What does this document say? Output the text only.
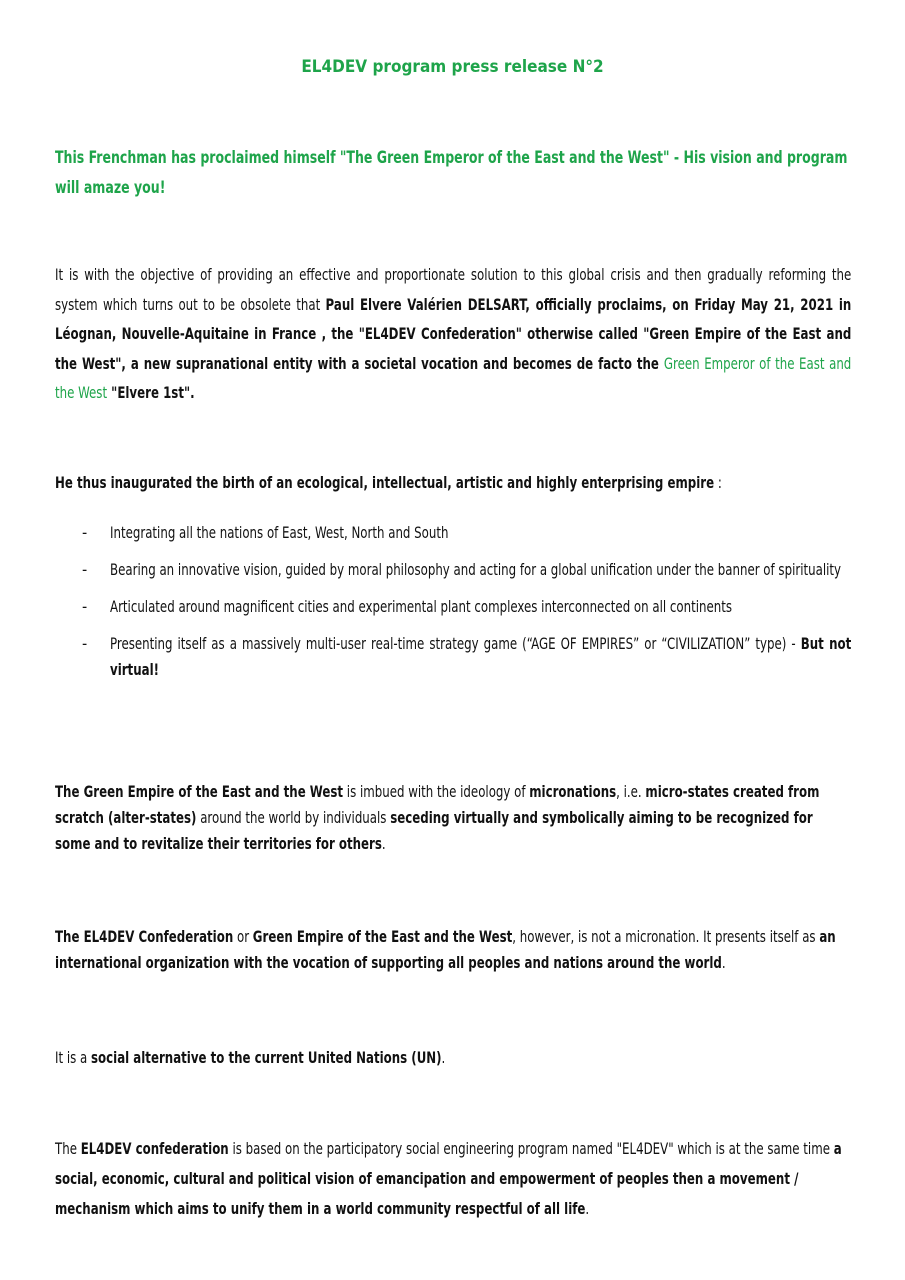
EL4DEV program press release N°2
This Frenchman has proclaimed himself "The Green Emperor of the East and the West" - His vision and program will amaze you!
It is with the objective of providing an effective and proportionate solution to this global crisis and then gradually reforming the system which turns out to be obsolete that Paul Elvere Valérien DELSART, officially proclaims, on Friday May 21, 2021 in Léognan, Nouvelle-Aquitaine in France , the "EL4DEV Confederation" otherwise called "Green Empire of the East and the West", a new supranational entity with a societal vocation and becomes de facto the Green Emperor of the East and the West "Elvere 1st".
He thus inaugurated the birth of an ecological, intellectual, artistic and highly enterprising empire :
- Integrating all the nations of East, West, North and South
- Bearing an innovative vision, guided by moral philosophy and acting for a global unification under the banner of spirituality
- Articulated around magnificent cities and experimental plant complexes interconnected on all continents
- Presenting itself as a massively multi-user real-time strategy game (“AGE OF EMPIRES” or “CIVILIZATION” type) - But not virtual!
The Green Empire of the East and the West is imbued with the ideology of micronations, i.e. micro-states created from scratch (alter-states) around the world by individuals seceding virtually and symbolically aiming to be recognized for some and to revitalize their territories for others.
The EL4DEV Confederation or Green Empire of the East and the West, however, is not a micronation. It presents itself as an international organization with the vocation of supporting all peoples and nations around the world.
It is a social alternative to the current United Nations (UN).
The EL4DEV confederation is based on the participatory social engineering program named "EL4DEV" which is at the same time a social, economic, cultural and political vision of emancipation and empowerment of peoples then a movement / mechanism which aims to unify them in a world community respectful of all life.
